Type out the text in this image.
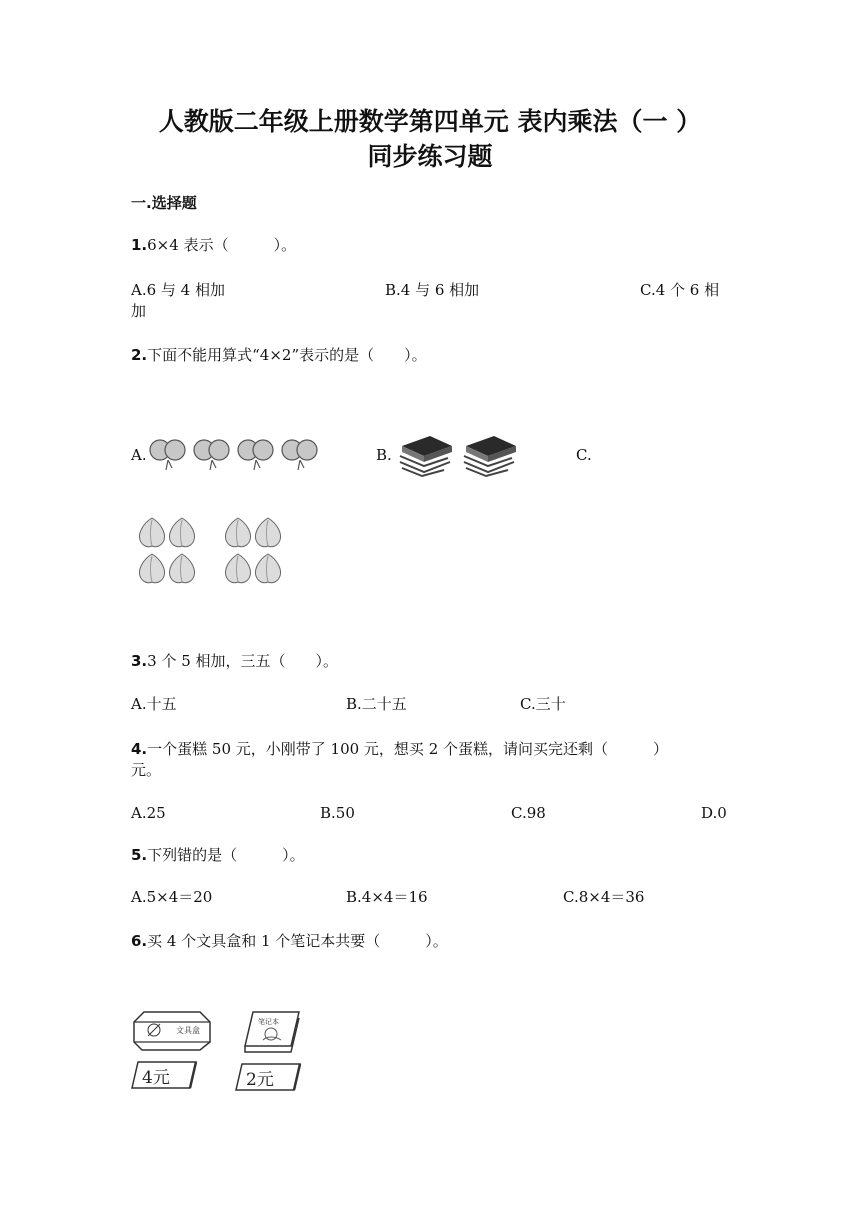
人教版二年级上册数学第四单元 表内乘法（一 ）
同步练习题
一.选择题
1.6×4 表示（　　　）。
A.6 与 4 相加	B.4 与 6 相加	C.4 个 6 相
加
2.下面不能用算式“4×2”表示的是（　　）。
A.	B.	C.
3.3 个 5 相加，三五（　　）。
A.十五	B.二十五	C.三十
4.一个蛋糕 50 元，小刚带了 100 元，想买 2 个蛋糕，请问买完还剩（　　　）
元。
A.25	B.50	C.98	D.0
5.下列错的是（　　　）。
A.5×4＝20	B.4×4＝16	C.8×4＝36
6.买 4 个文具盒和 1 个笔记本共要（　　　）。
文具盒
4元
笔记本
2元
